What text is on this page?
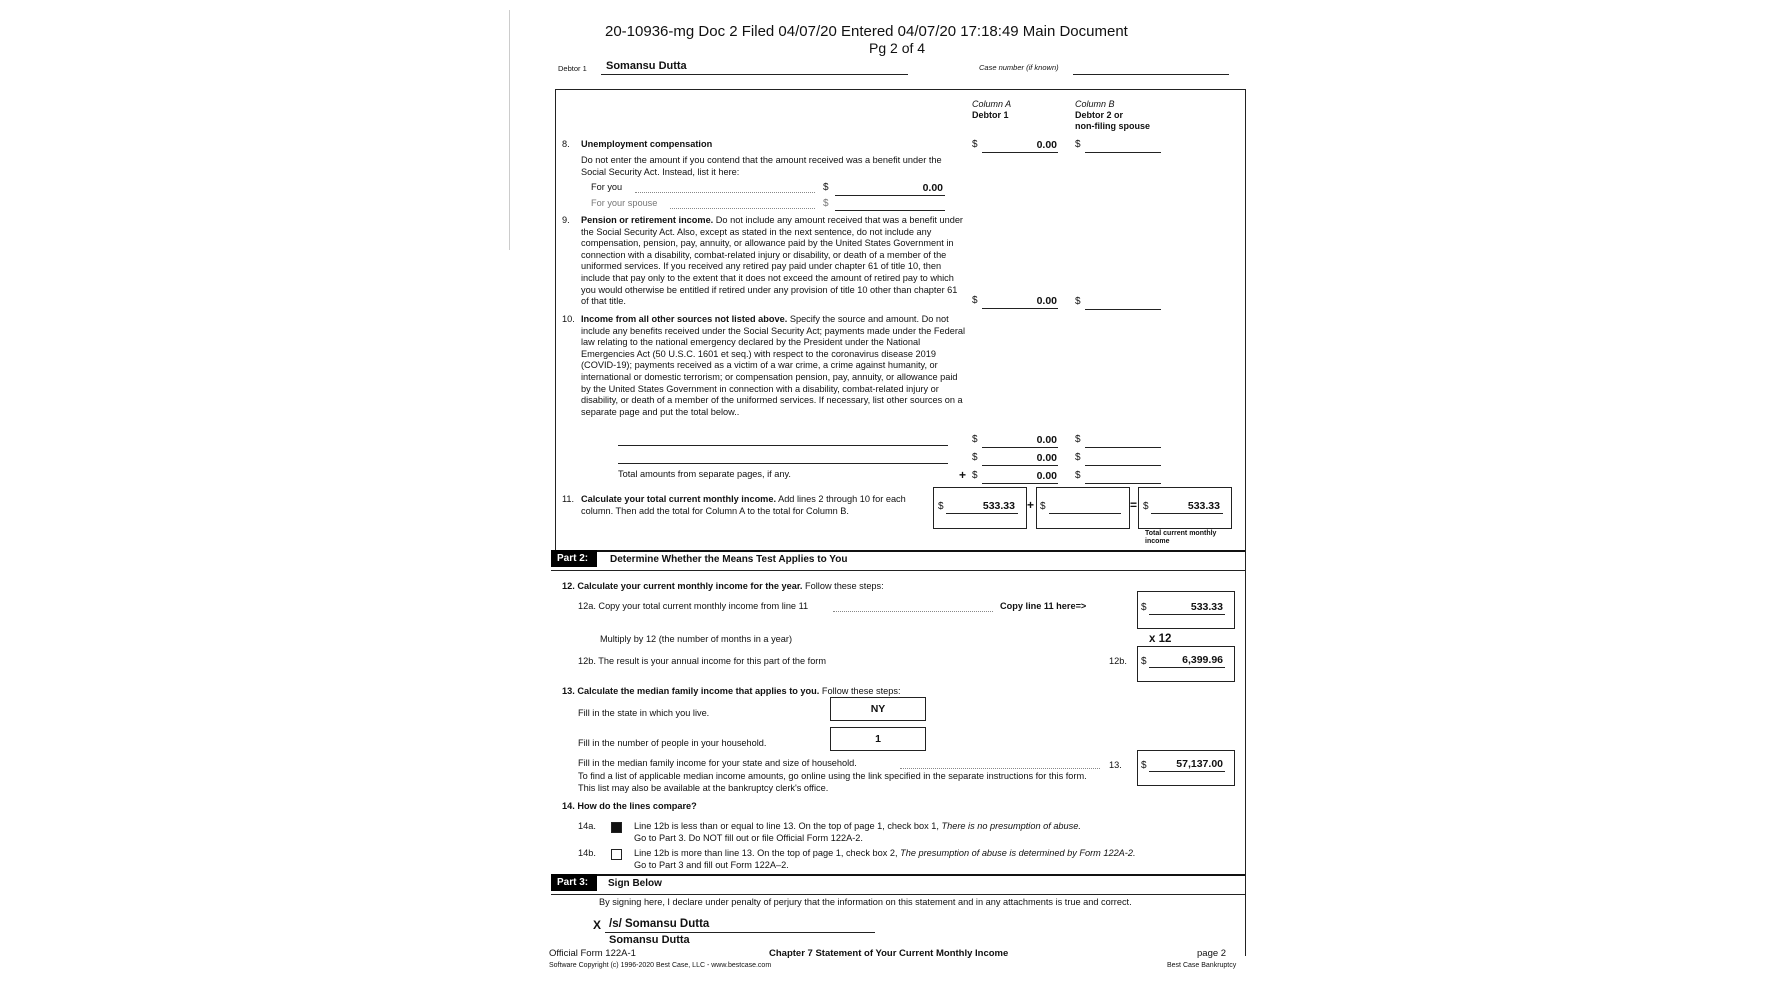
20-10936-mg Doc 2 Filed 04/07/20 Entered 04/07/20 17:18:49 Main Document
Pg 2 of 4
Debtor 1 Somansu Dutta	Case number (if known)
Column A
Debtor 1
Column B
Debtor 2 or
non-filing spouse
8. Unemployment compensation	$	0.00 $
Do not enter the amount if you contend that the amount received was a benefit under the Social Security Act. Instead, list it here:
For you	$	0.00
For your spouse	$
9. Pension or retirement income. Do not include any amount received that was a benefit under the Social Security Act. Also, except as stated in the next sentence, do not include any compensation, pension, pay, annuity, or allowance paid by the United States Government in connection with a disability, combat-related injury or disability, or death of a member of the uniformed services. If you received any retired pay paid under chapter 61 of title 10, then include that pay only to the extent that it does not exceed the amount of retired pay to which you would otherwise be entitled if retired under any provision of title 10 other than chapter 61 of that title.	$	0.00 $
10. Income from all other sources not listed above. Specify the source and amount. Do not include any benefits received under the Social Security Act; payments made under the Federal law relating to the national emergency declared by the President under the National Emergencies Act (50 U.S.C. 1601 et seq.) with respect to the coronavirus disease 2019 (COVID-19); payments received as a victim of a war crime, a crime against humanity, or international or domestic terrorism; or compensation pension, pay, annuity, or allowance paid by the United States Government in connection with a disability, combat-related injury or disability, or death of a member of the uniformed services. If necessary, list other sources on a separate page and put the total below..
$	0.00 $
$	0.00 $
Total amounts from separate pages, if any.	+ $	0.00 $
11. Calculate your total current monthly income. Add lines 2 through 10 for each column. Then add the total for Column A to the total for Column B.	$	533.33 + $	= $	533.33
Total current monthly
income
Part 2:	Determine Whether the Means Test Applies to You
12. Calculate your current monthly income for the year. Follow these steps:
12a. Copy your total current monthly income from line 11	Copy line 11 here=>	$	533.33
Multiply by 12 (the number of months in a year)	x 12
12b. The result is your annual income for this part of the form	12b. $	6,399.96
13. Calculate the median family income that applies to you. Follow these steps:
Fill in the state in which you live.	NY
Fill in the number of people in your household.	1
Fill in the median family income for your state and size of household.	13. $	57,137.00
To find a list of applicable median income amounts, go online using the link specified in the separate instructions for this form. This list may also be available at the bankruptcy clerk's office.
14. How do the lines compare?
14a.	Line 12b is less than or equal to line 13. On the top of page 1, check box 1, There is no presumption of abuse.
Go to Part 3. Do NOT fill out or file Official Form 122A-2.
14b.	Line 12b is more than line 13. On the top of page 1, check box 2, The presumption of abuse is determined by Form 122A-2.
Go to Part 3 and fill out Form 122A–2.
Part 3:	Sign Below
By signing here, I declare under penalty of perjury that the information on this statement and in any attachments is true and correct.
X /s/ Somansu Dutta
Somansu Dutta
Official Form 122A-1	Chapter 7 Statement of Your Current Monthly Income	page 2
Software Copyright (c) 1996-2020 Best Case, LLC - www.bestcase.com	Best Case Bankruptcy
